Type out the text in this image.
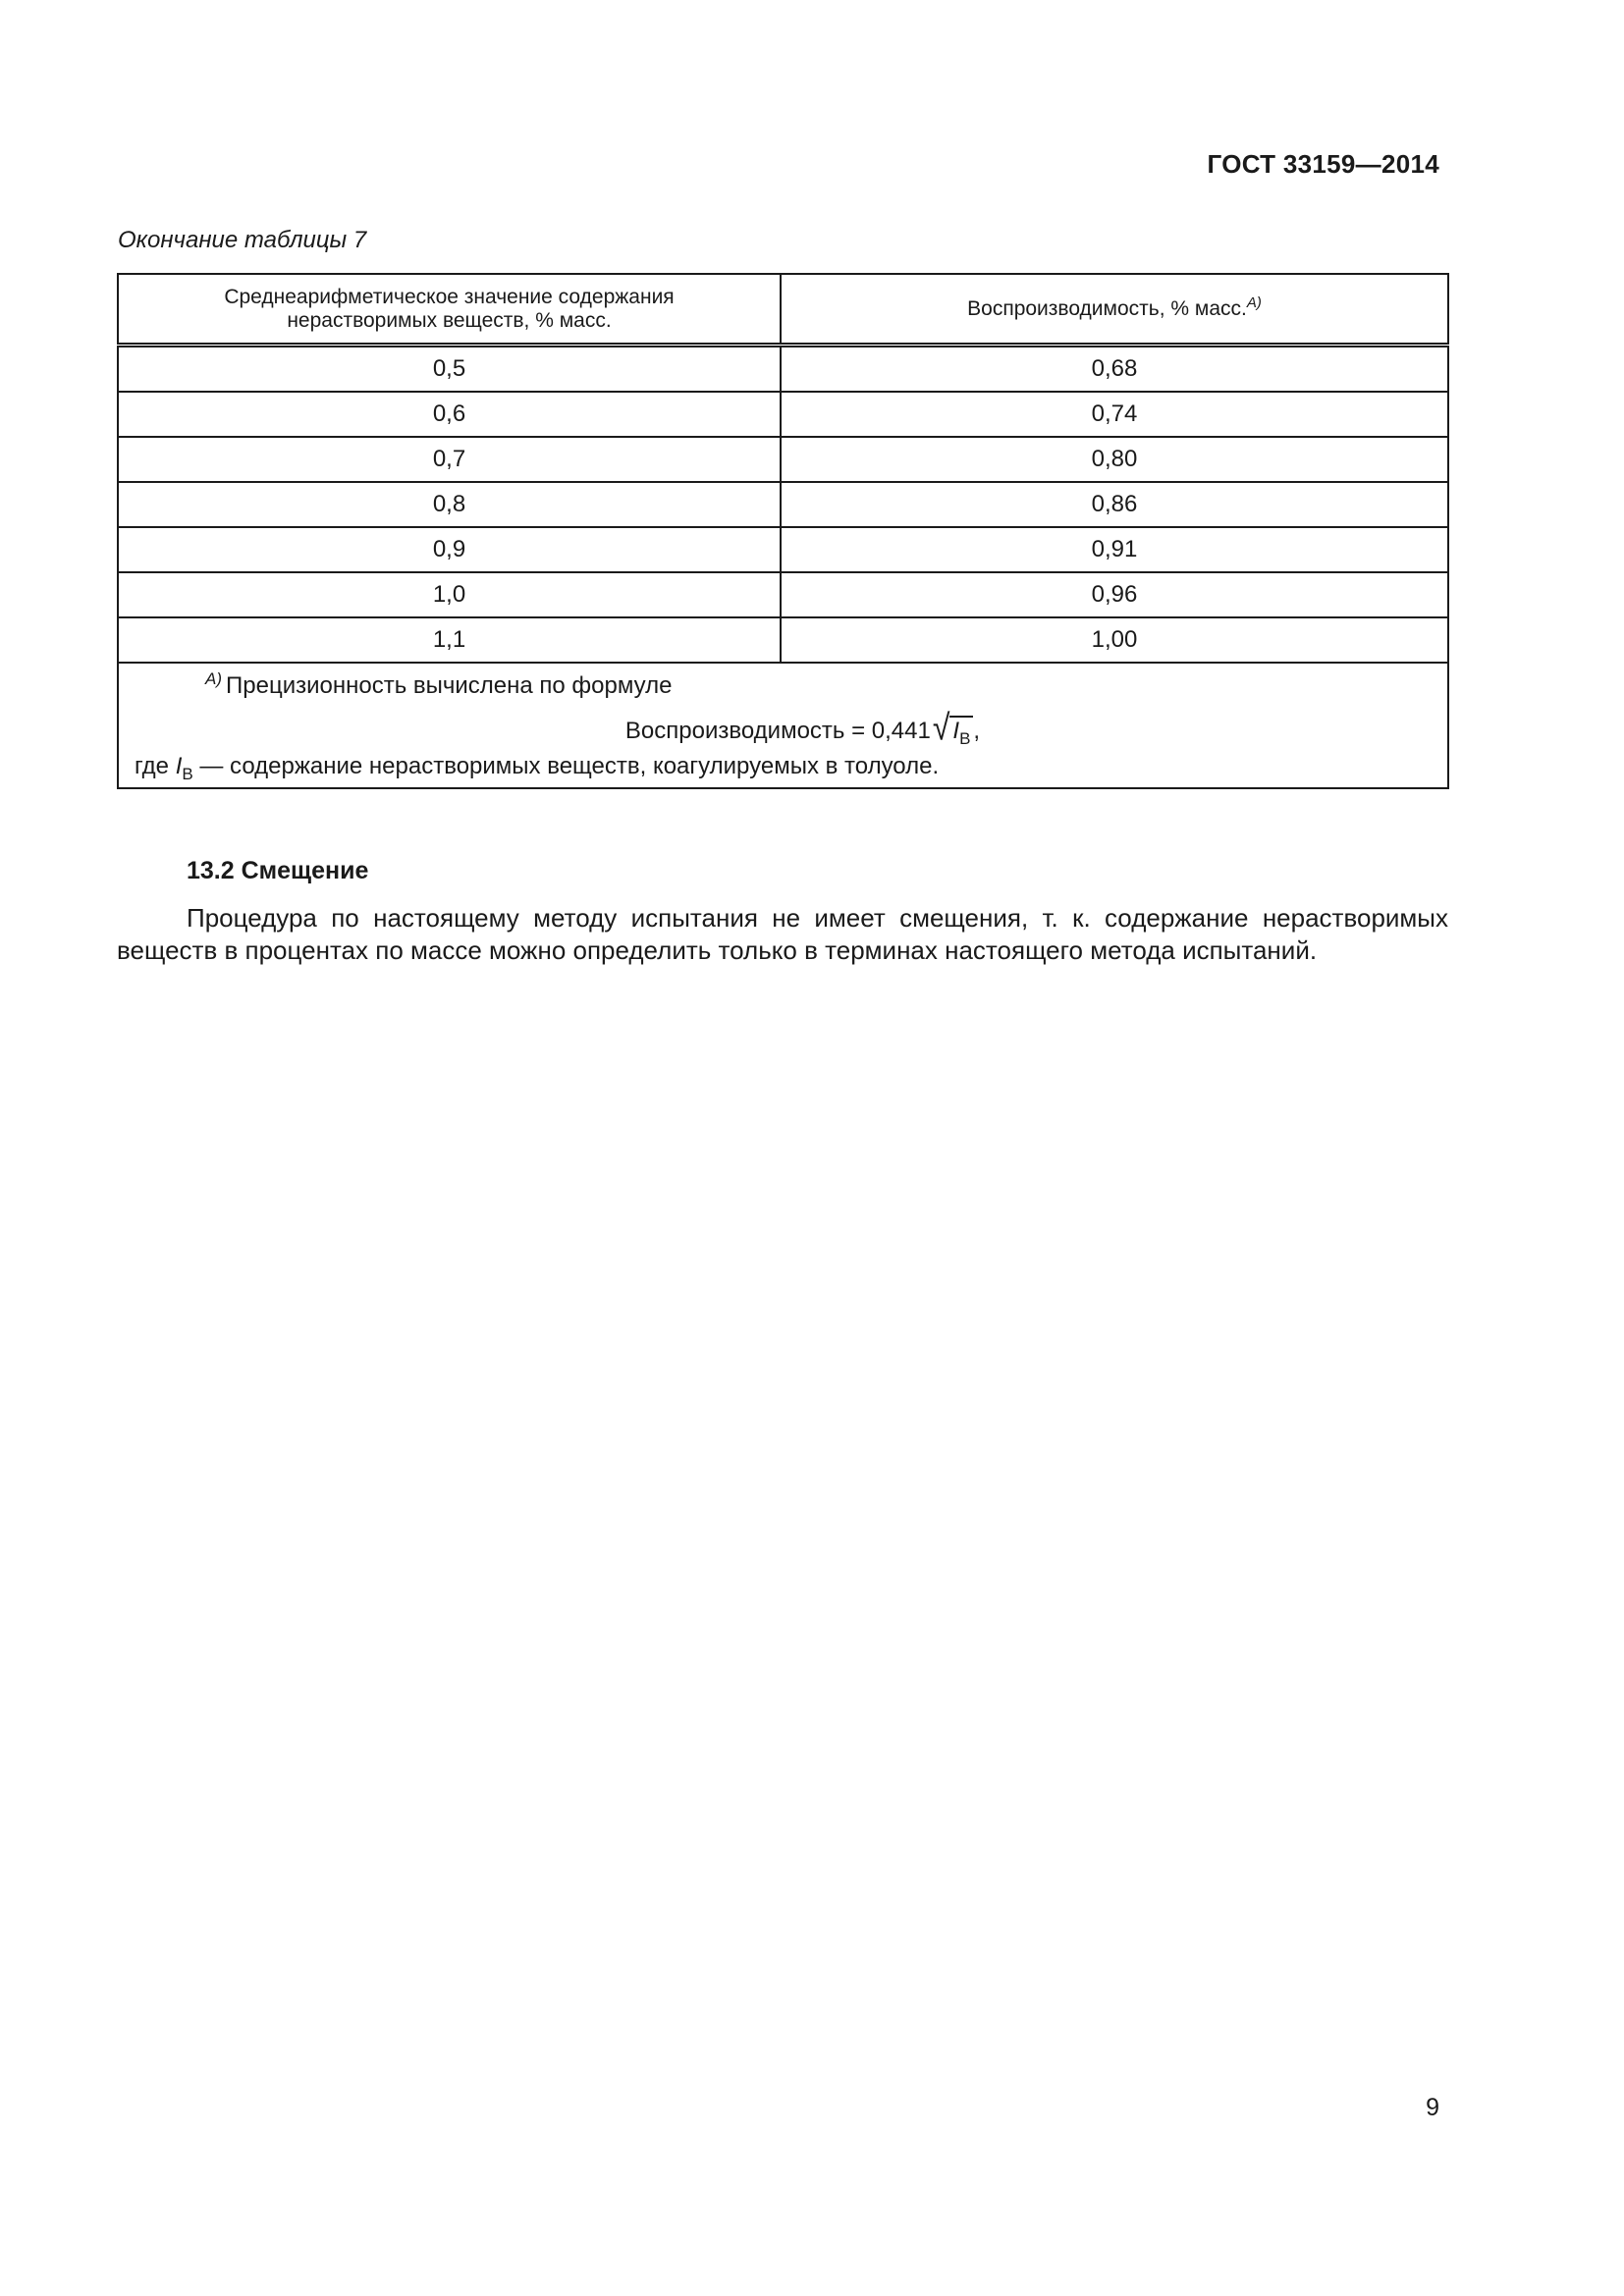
ГОСТ 33159—2014
Окончание таблицы 7
Среднеарифметическое значение содержания нерастворимых веществ, % масс.	Воспроизводимость, % масс.$^{A)}$
0,5	0,68
0,6	0,74
0,7	0,80
0,8	0,86
0,9	0,91
1,0	0,96
1,1	1,00

$^{A)}$ Прецизионность вычислена по формуле
Воспроизводимость = 0,441√ $I_B$ ,
где $I_B$ — содержание нерастворимых веществ, коагулируемых в толуоле.	
13.2 Смещение
Процедура по настоящему методу испытания не имеет смещения, т. к. содержание нерастворимых веществ в процентах по массе можно определить только в терминах настоящего метода испытаний.
9
